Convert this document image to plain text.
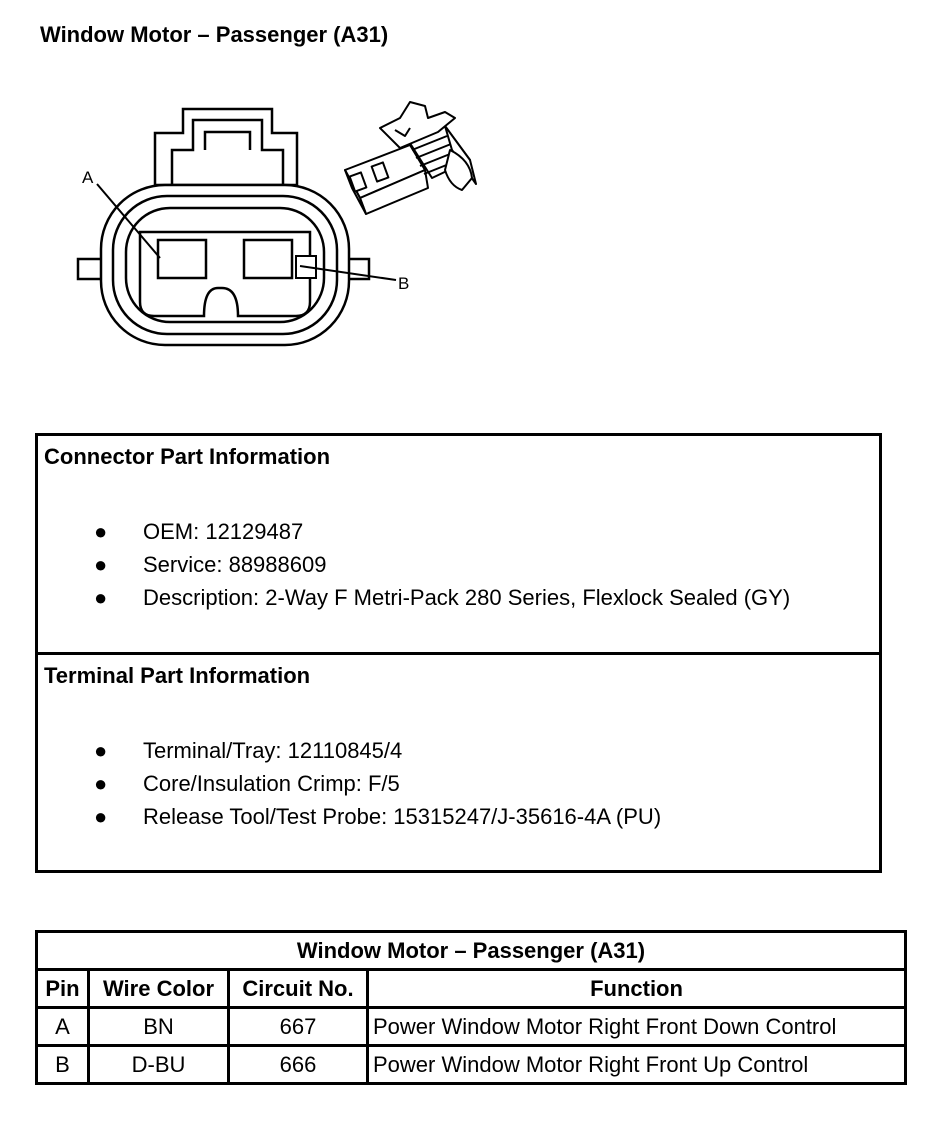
Window Motor – Passenger (A31)
A
B
Connector Part Information
● OEM: 12129487
● Service: 88988609
● Description: 2-Way F Metri-Pack 280 Series, Flexlock Sealed (GY)
Terminal Part Information
● Terminal/Tray: 12110845/4
● Core/Insulation Crimp: F/5
● Release Tool/Test Probe: 15315247/J-35616-4A (PU)
Window Motor – Passenger (A31)			
Pin	Wire Color	Circuit No.	Function
A	BN	667	Power Window Motor Right Front Down Control
B	D-BU	666	Power Window Motor Right Front Up Control
